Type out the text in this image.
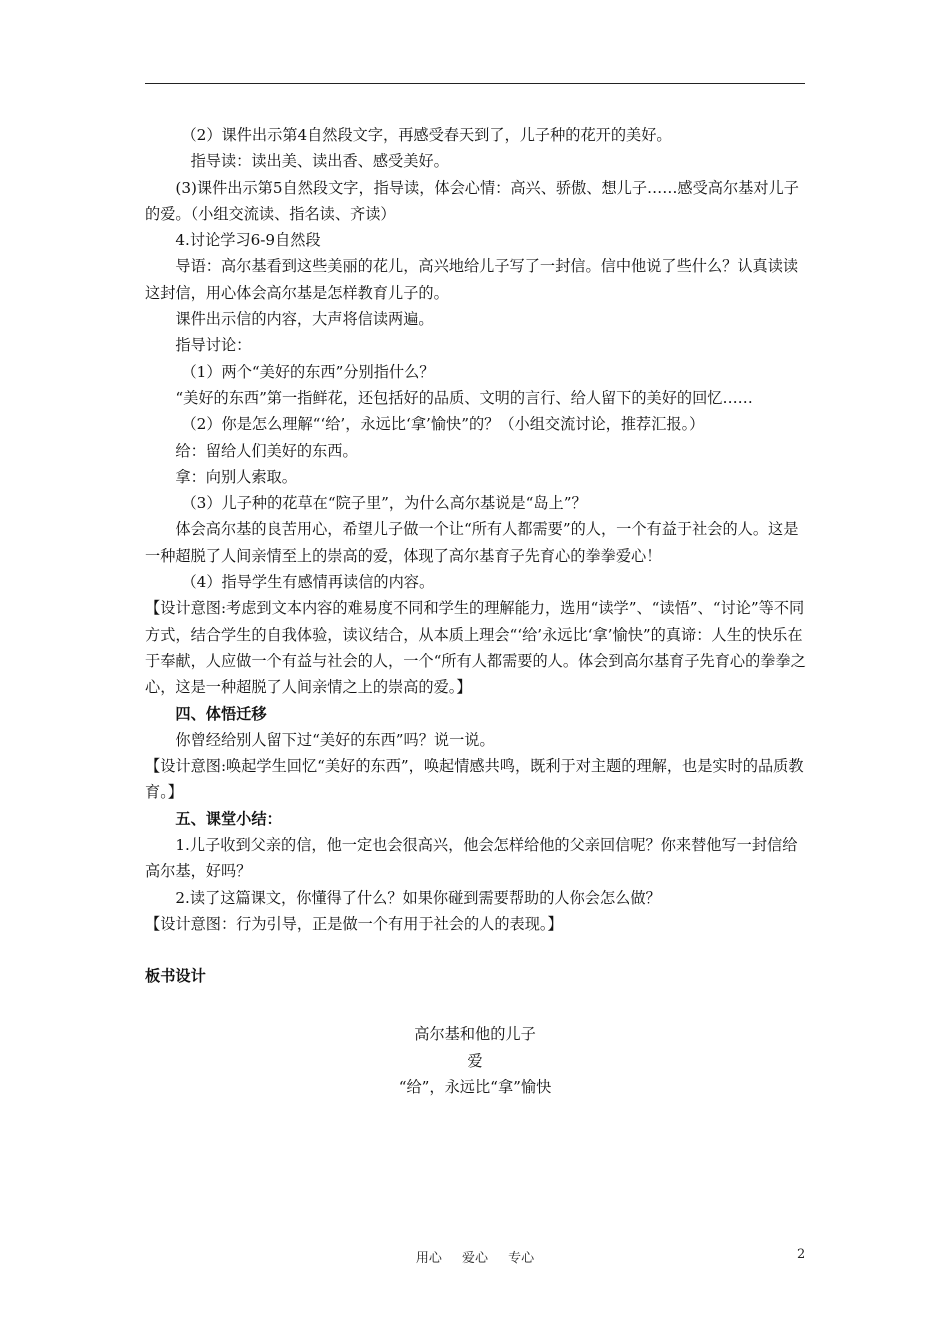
（2）课件出示第4自然段文字，再感受春天到了，儿子种的花开的美好。

指导读：读出美、读出香、感受美好。

(3)课件出示第5自然段文字，指导读，体会心情：高兴、骄傲、想儿子……感受高尔基对儿子的爱。（小组交流读、指名读、齐读）

4.讨论学习6-9自然段

导语：高尔基看到这些美丽的花儿，高兴地给儿子写了一封信。信中他说了些什么？认真读读这封信，用心体会高尔基是怎样教育儿子的。

课件出示信的内容，大声将信读两遍。

指导讨论：

（1）两个“美好的东西”分别指什么？

“美好的东西”第一指鲜花，还包括好的品质、文明的言行、给人留下的美好的回忆……

（2）你是怎么理解“‘给’，永远比‘拿’愉快”的？（小组交流讨论，推荐汇报。）

给：留给人们美好的东西。

拿：向别人索取。

（3）儿子种的花草在“院子里”，为什么高尔基说是“岛上”？

体会高尔基的良苦用心，希望儿子做一个让“所有人都需要”的人，一个有益于社会的人。这是一种超脱了人间亲情至上的崇高的爱，体现了高尔基育子先育心的拳拳爱心！

（4）指导学生有感情再读信的内容。

【设计意图:考虑到文本内容的难易度不同和学生的理解能力，选用“读学”、“读悟”、“讨论”等不同方式，结合学生的自我体验，读议结合，从本质上理会“‘给’永远比‘拿’愉快”的真谛：人生的快乐在于奉献，人应做一个有益与社会的人，一个“所有人都需要的人。体会到高尔基育子先育心的拳拳之心，这是一种超脱了人间亲情之上的崇高的爱。】

四、体悟迁移

你曾经给别人留下过“美好的东西”吗？说一说。

【设计意图:唤起学生回忆“美好的东西”，唤起情感共鸣，既利于对主题的理解，也是实时的品质教育。】

五、课堂小结：

1.儿子收到父亲的信，他一定也会很高兴，他会怎样给他的父亲回信呢？你来替他写一封信给高尔基，好吗？

2.读了这篇课文，你懂得了什么？如果你碰到需要帮助的人你会怎么做？

【设计意图：行为引导，正是做一个有用于社会的人的表现。】

板书设计

高尔基和他的儿子
爱
“给”，永远比“拿”愉快
用心 爱心 专心	2
